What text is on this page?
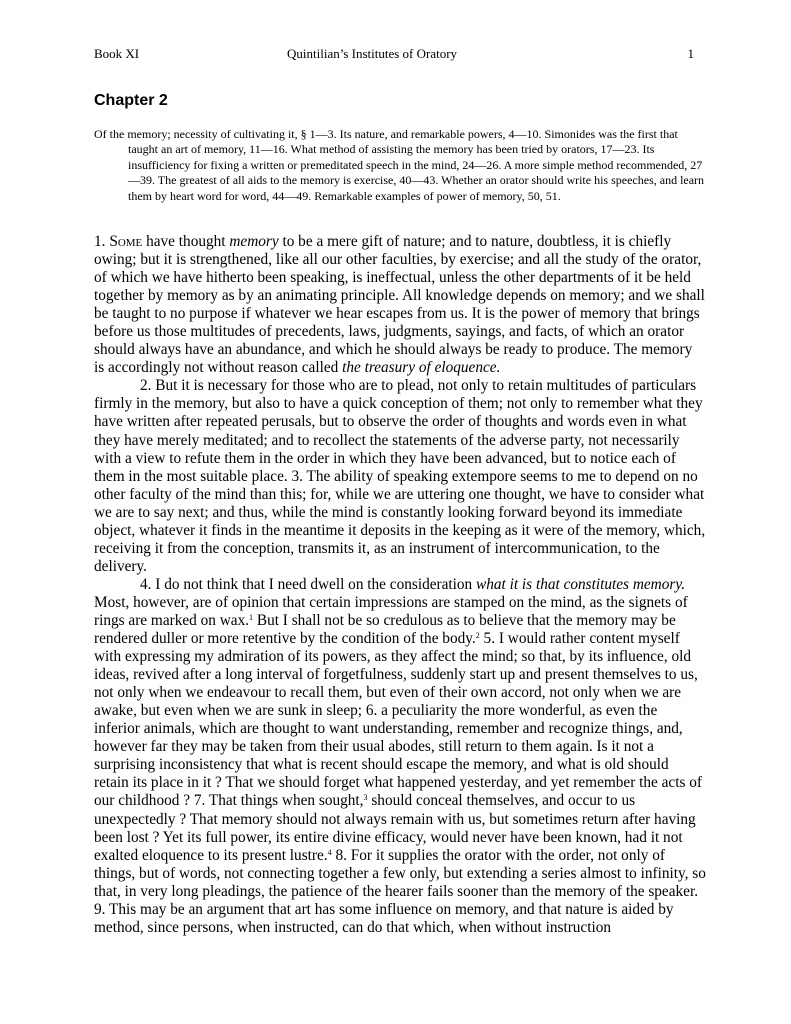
Book XI	Quintilian’s Institutes of Oratory	1
Chapter 2

Of the memory; necessity of cultivating it, § 1—3. Its nature, and remarkable powers, 4—10. Simonides was the first that taught an art of memory, 11—16. What method of assisting the memory has been tried by orators, 17—23. Its insufficiency for fixing a written or premeditated speech in the mind, 24—26. A more simple method recommended, 27—39. The greatest of all aids to the memory is exercise, 40—43. Whether an orator should write his speeches, and learn them by heart word for word, 44—49. Remarkable examples of power of memory, 50, 51.

1. Some have thought memory to be a mere gift of nature; and to nature, doubtless, it is chiefly owing; but it is strengthened, like all our other faculties, by exercise; and all the study of the orator, of which we have hitherto been speaking, is ineffectual, unless the other departments of it be held together by memory as by an animating principle. All knowledge depends on memory; and we shall be taught to no purpose if whatever we hear escapes from us. It is the power of memory that brings before us those multitudes of precedents, laws, judgments, sayings, and facts, of which an orator should always have an abundance, and which he should always be ready to produce. The memory is accordingly not without reason called the treasury of eloquence.

2. But it is necessary for those who are to plead, not only to retain multitudes of particulars firmly in the memory, but also to have a quick conception of them; not only to remember what they have written after repeated perusals, but to observe the order of thoughts and words even in what they have merely meditated; and to recollect the statements of the adverse party, not necessarily with a view to refute them in the order in which they have been advanced, but to notice each of them in the most suitable place. 3. The ability of speaking extempore seems to me to depend on no other faculty of the mind than this; for, while we are uttering one thought, we have to consider what we are to say next; and thus, while the mind is constantly looking forward beyond its immediate object, whatever it finds in the meantime it deposits in the keeping as it were of the memory, which, receiving it from the conception, transmits it, as an instrument of intercommunication, to the delivery.

4. I do not think that I need dwell on the consideration what it is that constitutes memory. Most, however, are of opinion that certain impressions are stamped on the mind, as the signets of rings are marked on wax.$^1$ But I shall not be so credulous as to believe that the memory may be rendered duller or more retentive by the condition of the body.$^2$ 5. I would rather content myself with expressing my admiration of its powers, as they affect the mind; so that, by its influence, old ideas, revived after a long interval of forgetfulness, suddenly start up and present themselves to us, not only when we endeavour to recall them, but even of their own accord, not only when we are awake, but even when we are sunk in sleep; 6. a peculiarity the more wonderful, as even the inferior animals, which are thought to want understanding, remember and recognize things, and, however far they may be taken from their usual abodes, still return to them again. Is it not a surprising inconsistency that what is recent should escape the memory, and what is old should retain its place in it ? That we should forget what happened yesterday, and yet remember the acts of our childhood ? 7. That things when sought,$^3$ should conceal themselves, and occur to us unexpectedly ? That memory should not always remain with us, but sometimes return after having been lost ? Yet its full power, its entire divine efficacy, would never have been known, had it not exalted eloquence to its present lustre.$^4$ 8. For it supplies the orator with the order, not only of things, but of words, not connecting together a few only, but extending a series almost to infinity, so that, in very long pleadings, the patience of the hearer fails sooner than the memory of the speaker. 9. This may be an argument that art has some influence on memory, and that nature is aided by method, since persons, when instructed, can do that which, when without instruction
